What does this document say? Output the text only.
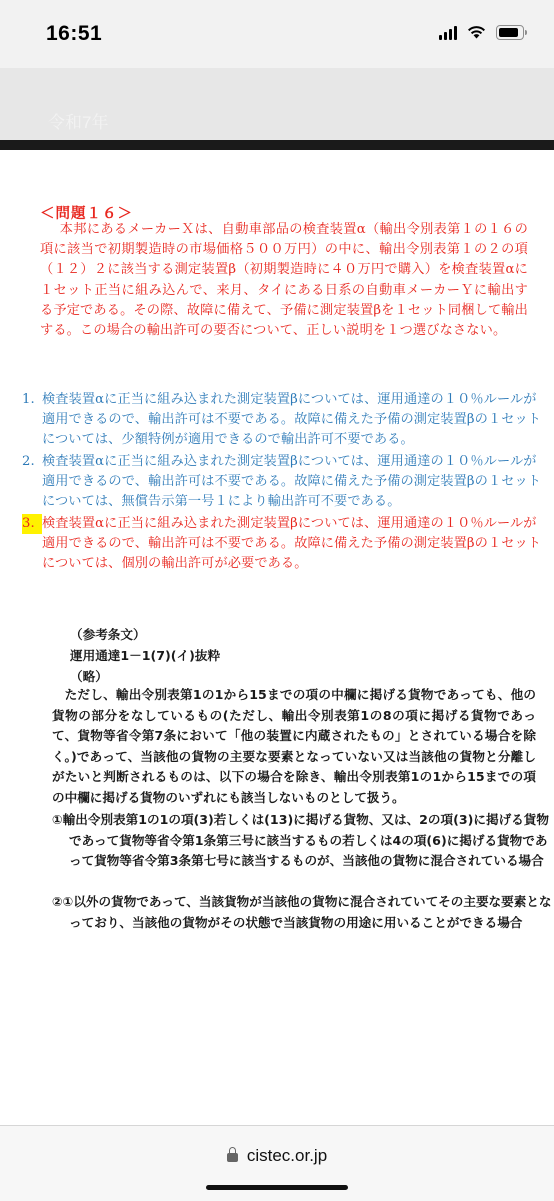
16:51
令和7年
＜問題１６＞
本邦にあるメーカーＸは、自動車部品の検査装置α（輸出令別表第１の１６の項に該当で初期製造時の市場価格５００万円）の中に、輸出令別表第１の２の項（１２）２に該当する測定装置β（初期製造時に４０万円で購入）を検査装置αに１セット正当に組み込んで、来月、タイにある日系の自動車メーカーＹに輸出する予定である。その際、故障に備えて、予備に測定装置βを１セット同梱して輸出する。この場合の輸出許可の要否について、正しい説明を１つ選びなさない。
1. 検査装置αに正当に組み込まれた測定装置βについては、運用通達の１０％ルールが適用できるので、輸出許可は不要である。故障に備えた予備の測定装置βの１セットについては、少額特例が適用できるので輸出許可不要である。
2. 検査装置αに正当に組み込まれた測定装置βについては、運用通達の１０％ルールが適用できるので、輸出許可は不要である。故障に備えた予備の測定装置βの１セットについては、無償告示第一号１により輸出許可不要である。
3. 検査装置αに正当に組み込まれた測定装置βについては、運用通達の１０％ルールが適用できるので、輸出許可は不要である。故障に備えた予備の測定装置βの１セットについては、個別の輸出許可が必要である。
（参考条文）
運用通達1－1(7)(イ)抜粋
（略）
ただし、輸出令別表第1の1から15までの項の中欄に掲げる貨物であっても、他の貨物の部分をなしているもの(ただし、輸出令別表第1の8の項に掲げる貨物であって、貨物等省令第7条において「他の装置に内蔵されたもの」とされている場合を除く。)であって、当該他の貨物の主要な要素となっていない又は当該他の貨物と分離しがたいと判断されるものは、以下の場合を除き、輸出令別表第1の1から15までの項の中欄に掲げる貨物のいずれにも該当しないものとして扱う。
①輸出令別表第1の1の項(3)若しくは(13)に掲げる貨物、又は、2の項(3)に掲げる貨物であって貨物等省令第1条第三号に該当するもの若しくは4の項(6)に掲げる貨物であって貨物等省令第3条第七号に該当するものが、当該他の貨物に混合されている場合
②①以外の貨物であって、当該貨物が当該他の貨物に混合されていてその主要な要素となっており、当該他の貨物がその状態で当該貨物の用途に用いることができる場合
cistec.or.jp
